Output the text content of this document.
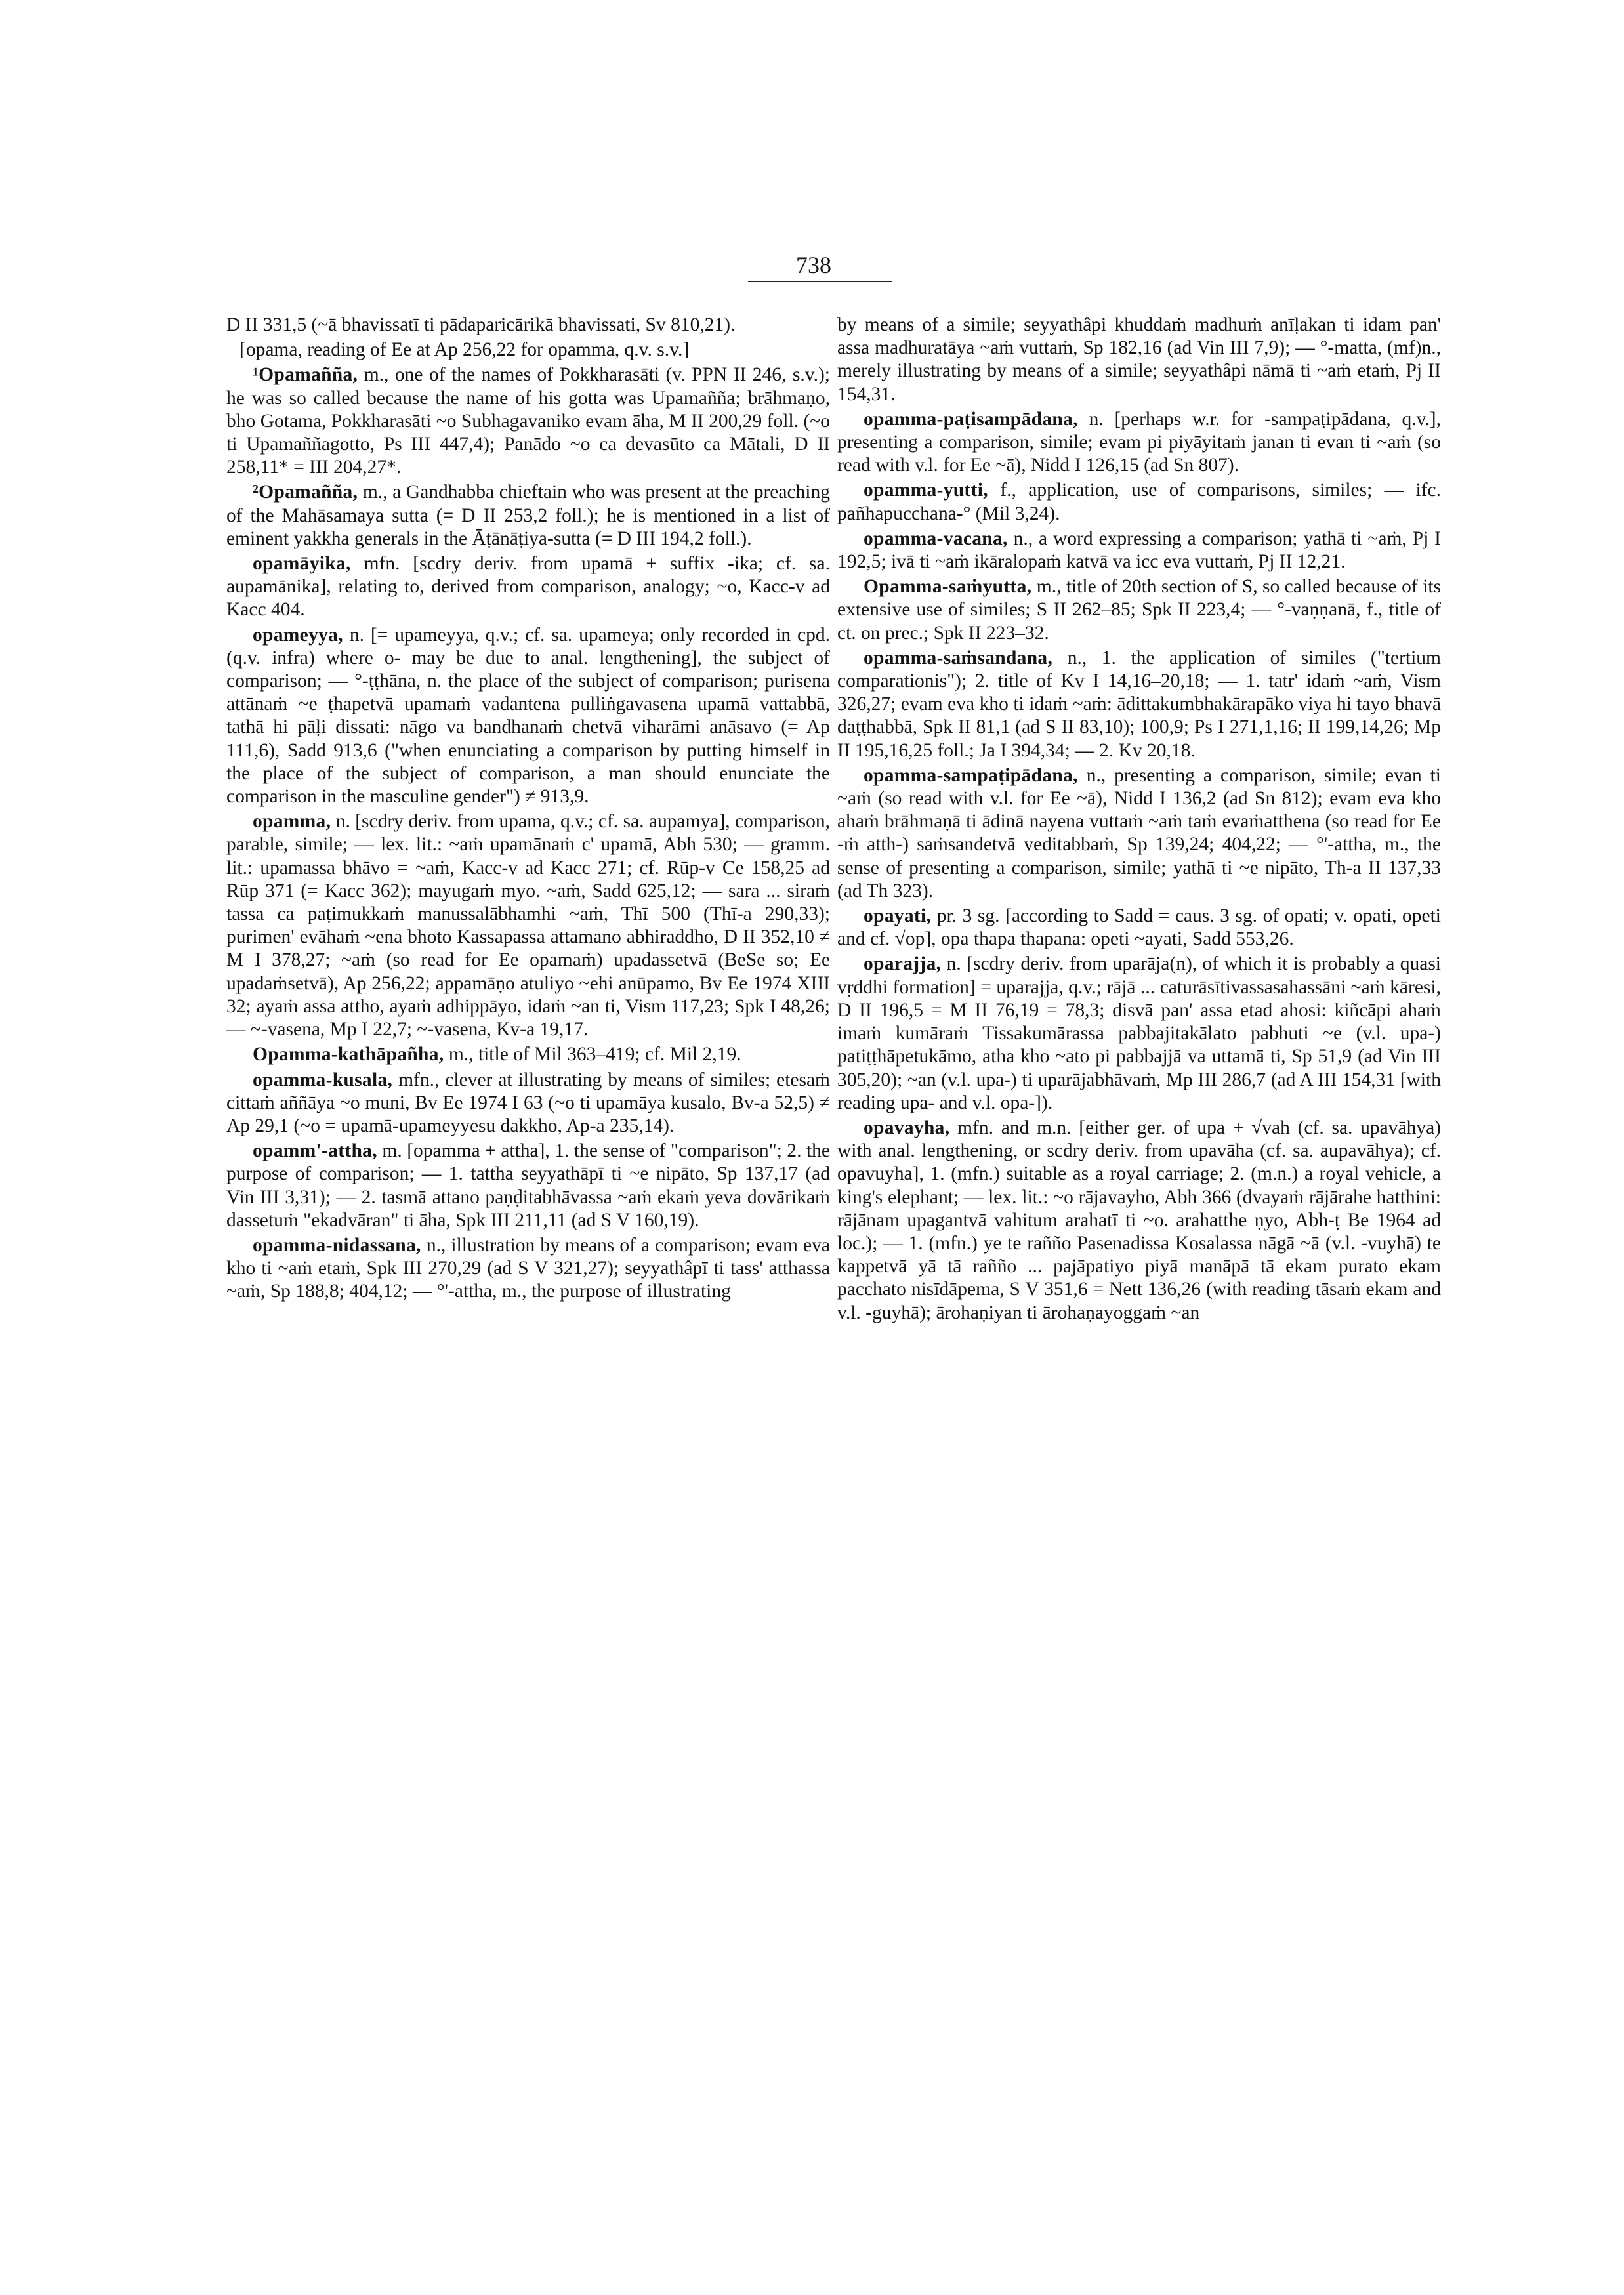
738

D II 331,5 (~ā bhavissatī ti pādaparicārikā bhavissati, Sv 810,21).

[opama, reading of Ee at Ap 256,22 for opamma, q.v. s.v.]

¹Opamañña, m., one of the names of Pokkharasāti (v. PPN II 246, s.v.); he was so called because the name of his gotta was Upamañña; brāhmaṇo, bho Gotama, Pokkharasāti ~o Subhagavaniko evam āha, M II 200,29 foll. (~o ti Upamaññagotto, Ps III 447,4); Panādo ~o ca devasūto ca Mātali, D II 258,11* = III 204,27*.

²Opamañña, m., a Gandhabba chieftain who was present at the preaching of the Mahāsamaya sutta (= D II 253,2 foll.); he is mentioned in a list of eminent yakkha generals in the Āṭānāṭiya-sutta (= D III 194,2 foll.).

opamāyika, mfn. [scdry deriv. from upamā + suffix -ika; cf. sa. aupamānika], relating to, derived from comparison, analogy; ~o, Kacc-v ad Kacc 404.

opameyya, n. [= upameyya, q.v.; cf. sa. upameya; only recorded in cpd. (q.v. infra) where o- may be due to anal. lengthening], the subject of comparison; — °-ṭṭhāna, n. the place of the subject of comparison; purisena attānaṁ ~e ṭhapetvā upamaṁ vadantena pulliṅgavasena upamā vattabbā, tathā hi pāḷi dissati: nāgo va bandhanaṁ chetvā viharāmi anāsavo (= Ap 111,6), Sadd 913,6 ("when enunciating a comparison by putting himself in the place of the subject of comparison, a man should enunciate the comparison in the masculine gender") ≠ 913,9.

opamma, n. [scdry deriv. from upama, q.v.; cf. sa. aupamya], comparison, parable, simile; — lex. lit.: ~aṁ upamānaṁ c' upamā, Abh 530; — gramm. lit.: upamassa bhāvo = ~aṁ, Kacc-v ad Kacc 271; cf. Rūp-v Ce 158,25 ad Rūp 371 (= Kacc 362); mayugaṁ myo. ~aṁ, Sadd 625,12; — sara ... siraṁ tassa ca paṭimukkaṁ manussalābhamhi ~aṁ, Thī 500 (Thī-a 290,33); purimen' evāhaṁ ~ena bhoto Kassapassa attamano abhiraddho, D II 352,10 ≠ M I 378,27; ~aṁ (so read for Ee opamaṁ) upadassetvā (BeSe so; Ee upadaṁsetvā), Ap 256,22; appamāṇo atuliyo ~ehi anūpamo, Bv Ee 1974 XIII 32; ayaṁ assa attho, ayaṁ adhippāyo, idaṁ ~an ti, Vism 117,23; Spk I 48,26; — ~-vasena, Mp I 22,7; ~-vasena, Kv-a 19,17.

Opamma-kathāpañha, m., title of Mil 363–419; cf. Mil 2,19.

opamma-kusala, mfn., clever at illustrating by means of similes; etesaṁ cittaṁ aññāya ~o muni, Bv Ee 1974 I 63 (~o ti upamāya kusalo, Bv-a 52,5) ≠ Ap 29,1 (~o = upamā-upameyyesu dakkho, Ap-a 235,14).

opamm'-attha, m. [opamma + attha], 1. the sense of "comparison"; 2. the purpose of comparison; — 1. tattha seyyathāpī ti ~e nipāto, Sp 137,17 (ad Vin III 3,31); — 2. tasmā attano paṇḍitabhāvassa ~aṁ ekaṁ yeva dovārikaṁ dassetuṁ "ekadvāran" ti āha, Spk III 211,11 (ad S V 160,19).

opamma-nidassana, n., illustration by means of a comparison; evam eva kho ti ~aṁ etaṁ, Spk III 270,29 (ad S V 321,27); seyyathâpī ti tass' atthassa ~aṁ, Sp 188,8; 404,12; — °'-attha, m., the purpose of illustrating

by means of a simile; seyyathâpi khuddaṁ madhuṁ anīḷakan ti idam pan' assa madhuratāya ~aṁ vuttaṁ, Sp 182,16 (ad Vin III 7,9); — °-matta, (mf)n., merely illustrating by means of a simile; seyyathâpi nāmā ti ~aṁ etaṁ, Pj II 154,31.

opamma-paṭisampādana, n. [perhaps w.r. for -sampaṭipādana, q.v.], presenting a comparison, simile; evam pi piyāyitaṁ janan ti evan ti ~aṁ (so read with v.l. for Ee ~ā), Nidd I 126,15 (ad Sn 807).

opamma-yutti, f., application, use of comparisons, similes; — ifc. pañhapucchana-° (Mil 3,24).

opamma-vacana, n., a word expressing a comparison; yathā ti ~aṁ, Pj I 192,5; ivā ti ~aṁ ikāralopaṁ katvā va icc eva vuttaṁ, Pj II 12,21.

Opamma-saṁyutta, m., title of 20th section of S, so called because of its extensive use of similes; S II 262–85; Spk II 223,4; — °-vaṇṇanā, f., title of ct. on prec.; Spk II 223–32.

opamma-saṁsandana, n., 1. the application of similes ("tertium comparationis"); 2. title of Kv I 14,16–20,18; — 1. tatr' idaṁ ~aṁ, Vism 326,27; evam eva kho ti idaṁ ~aṁ: ādittakumbhakārapāko viya hi tayo bhavā daṭṭhabbā, Spk II 81,1 (ad S II 83,10); 100,9; Ps I 271,1,16; II 199,14,26; Mp II 195,16,25 foll.; Ja I 394,34; — 2. Kv 20,18.

opamma-sampaṭipādana, n., presenting a comparison, simile; evan ti ~aṁ (so read with v.l. for Ee ~ā), Nidd I 136,2 (ad Sn 812); evam eva kho ahaṁ brāhmaṇā ti ādinā nayena vuttaṁ ~aṁ taṁ evaṁatthena (so read for Ee -ṁ atth-) saṁsandetvā veditabbaṁ, Sp 139,24; 404,22; — °'-attha, m., the sense of presenting a comparison, simile; yathā ti ~e nipāto, Th-a II 137,33 (ad Th 323).

opayati, pr. 3 sg. [according to Sadd = caus. 3 sg. of opati; v. opati, opeti and cf. √op], opa thapa thapana: opeti ~ayati, Sadd 553,26.

oparajja, n. [scdry deriv. from uparāja(n), of which it is probably a quasi vṛddhi formation] = uparajja, q.v.; rājā ... caturāsītivassasahassāni ~aṁ kāresi, D II 196,5 = M II 76,19 = 78,3; disvā pan' assa etad ahosi: kiñcāpi ahaṁ imaṁ kumāraṁ Tissakumārassa pabbajitakālato pabhuti ~e (v.l. upa-) patiṭṭhāpetukāmo, atha kho ~ato pi pabbajjā va uttamā ti, Sp 51,9 (ad Vin III 305,20); ~an (v.l. upa-) ti uparājabhāvaṁ, Mp III 286,7 (ad A III 154,31 [with reading upa- and v.l. opa-]).

opavayha, mfn. and m.n. [either ger. of upa + √vah (cf. sa. upavāhya) with anal. lengthening, or scdry deriv. from upavāha (cf. sa. aupavāhya); cf. opavuyha], 1. (mfn.) suitable as a royal carriage; 2. (m.n.) a royal vehicle, a king's elephant; — lex. lit.: ~o rājavayho, Abh 366 (dvayaṁ rājārahe hatthini: rājānam upagantvā vahitum arahatī ti ~o. arahatthe ṇyo, Abh-ṭ Be 1964 ad loc.); — 1. (mfn.) ye te rañño Pasenadissa Kosalassa nāgā ~ā (v.l. -vuyhā) te kappetvā yā tā rañño ... pajāpatiyo piyā manāpā tā ekam purato ekam pacchato nisīdāpema, S V 351,6 = Nett 136,26 (with reading tāsaṁ ekam and v.l. -guyhā); ārohaṇiyan ti ārohaṇayoggaṁ ~an
